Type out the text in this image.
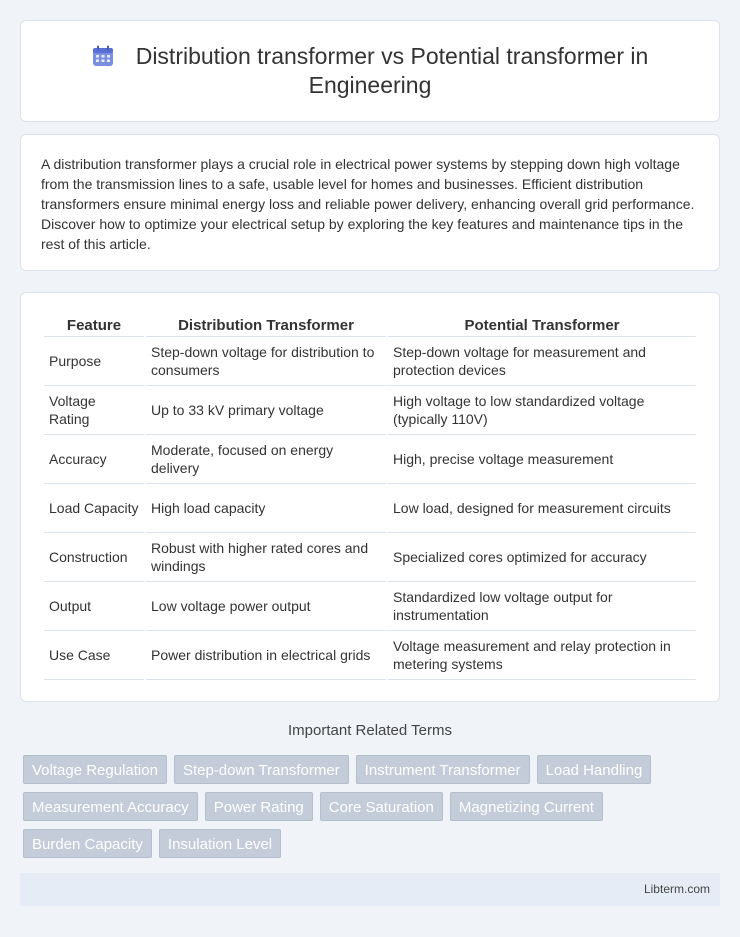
Distribution transformer vs Potential transformer in Engineering

A distribution transformer plays a crucial role in electrical power systems by stepping down high voltage from the transmission lines to a safe, usable level for homes and businesses. Efficient distribution transformers ensure minimal energy loss and reliable power delivery, enhancing overall grid performance. Discover how to optimize your electrical setup by exploring the key features and maintenance tips in the rest of this article.

Feature	Distribution Transformer	Potential Transformer
Purpose	Step-down voltage for distribution to consumers	Step-down voltage for measurement and protection devices
Voltage Rating	Up to 33 kV primary voltage	High voltage to low standardized voltage (typically 110V)
Accuracy	Moderate, focused on energy delivery	High, precise voltage measurement
Load Capacity	High load capacity	Low load, designed for measurement circuits
Construction	Robust with higher rated cores and windings	Specialized cores optimized for accuracy
Output	Low voltage power output	Standardized low voltage output for instrumentation
Use Case	Power distribution in electrical grids	Voltage measurement and relay protection in metering systems
Important Related Terms
Voltage Regulation	Step-down Transformer	Instrument Transformer	Load Handling
Measurement Accuracy	Power Rating	Core Saturation	Magnetizing Current
Burden Capacity	Insulation Level
Libterm.com
